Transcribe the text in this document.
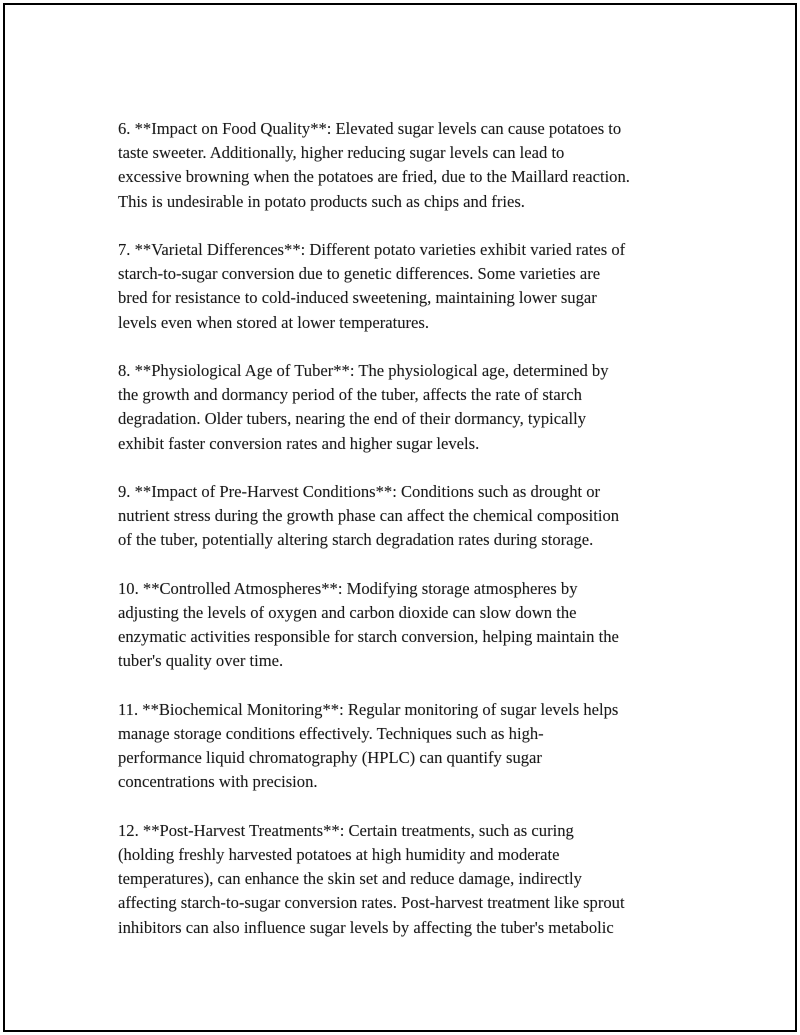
6. **Impact on Food Quality**: Elevated sugar levels can cause potatoes to
taste sweeter. Additionally, higher reducing sugar levels can lead to
excessive browning when the potatoes are fried, due to the Maillard reaction.
This is undesirable in potato products such as chips and fries.

7. **Varietal Differences**: Different potato varieties exhibit varied rates of
starch-to-sugar conversion due to genetic differences. Some varieties are
bred for resistance to cold-induced sweetening, maintaining lower sugar
levels even when stored at lower temperatures.

8. **Physiological Age of Tuber**: The physiological age, determined by
the growth and dormancy period of the tuber, affects the rate of starch
degradation. Older tubers, nearing the end of their dormancy, typically
exhibit faster conversion rates and higher sugar levels.

9. **Impact of Pre-Harvest Conditions**: Conditions such as drought or
nutrient stress during the growth phase can affect the chemical composition
of the tuber, potentially altering starch degradation rates during storage.

10. **Controlled Atmospheres**: Modifying storage atmospheres by
adjusting the levels of oxygen and carbon dioxide can slow down the
enzymatic activities responsible for starch conversion, helping maintain the
tuber's quality over time.

11. **Biochemical Monitoring**: Regular monitoring of sugar levels helps
manage storage conditions effectively. Techniques such as high-
performance liquid chromatography (HPLC) can quantify sugar
concentrations with precision.

12. **Post-Harvest Treatments**: Certain treatments, such as curing
(holding freshly harvested potatoes at high humidity and moderate
temperatures), can enhance the skin set and reduce damage, indirectly
affecting starch-to-sugar conversion rates. Post-harvest treatment like sprout
inhibitors can also influence sugar levels by affecting the tuber's metabolic
